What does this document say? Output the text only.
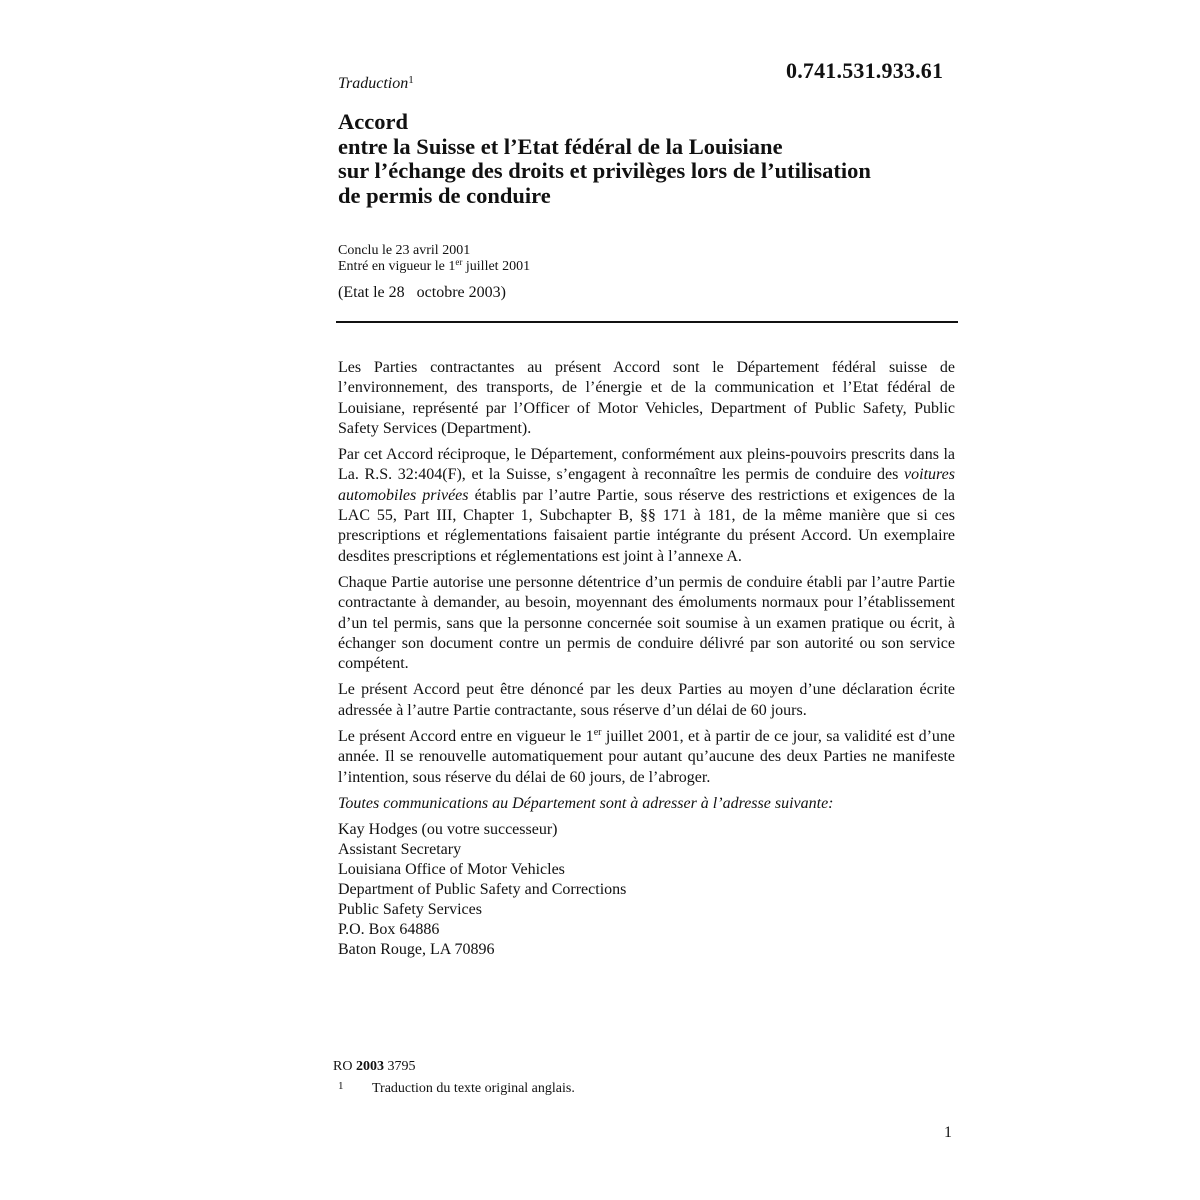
0.741.531.933.61
Traduction$^1$
Accord
entre la Suisse et l’Etat fédéral de la Louisiane
sur l’échange des droits et privilèges lors de l’utilisation
de permis de conduire
Conclu le 23 avril 2001
Entré en vigueur le 1er juillet 2001
(Etat le 28   octobre 2003)

Les Parties contractantes au présent Accord sont le Département fédéral suisse de l’environnement, des transports, de l’énergie et de la communication et l’Etat fédéral de Louisiane, représenté par l’Officer of Motor Vehicles, Department of Public Safety, Public Safety Services (Department).

Par cet Accord réciproque, le Département, conformément aux pleins-pouvoirs prescrits dans la La. R.S. 32:404(F), et la Suisse, s’engagent à reconnaître les permis de conduire des voitures automobiles privées établis par l’autre Partie, sous réserve des restrictions et exigences de la LAC 55, Part III, Chapter 1, Subchapter B, §§ 171 à 181, de la même manière que si ces prescriptions et réglementations faisaient partie intégrante du présent Accord. Un exemplaire desdites prescriptions et réglementations est joint à l’annexe A.

Chaque Partie autorise une personne détentrice d’un permis de conduire établi par l’autre Partie contractante à demander, au besoin, moyennant des émoluments normaux pour l’établissement d’un tel permis, sans que la personne concernée soit soumise à un examen pratique ou écrit, à échanger son document contre un permis de conduire délivré par son autorité ou son service compétent.

Le présent Accord peut être dénoncé par les deux Parties au moyen d’une déclaration écrite adressée à l’autre Partie contractante, sous réserve d’un délai de 60 jours.

Le présent Accord entre en vigueur le 1er juillet 2001, et à partir de ce jour, sa validité est d’une année. Il se renouvelle automatiquement pour autant qu’aucune des deux Parties ne manifeste l’intention, sous réserve du délai de 60 jours, de l’abroger.

Toutes communications au Département sont à adresser à l’adresse suivante:

Kay Hodges (ou votre successeur)
Assistant Secretary
Louisiana Office of Motor Vehicles
Department of Public Safety and Corrections
Public Safety Services
P.O. Box 64886
Baton Rouge, LA 70896
RO 2003 3795
1 Traduction du texte original anglais.
1
